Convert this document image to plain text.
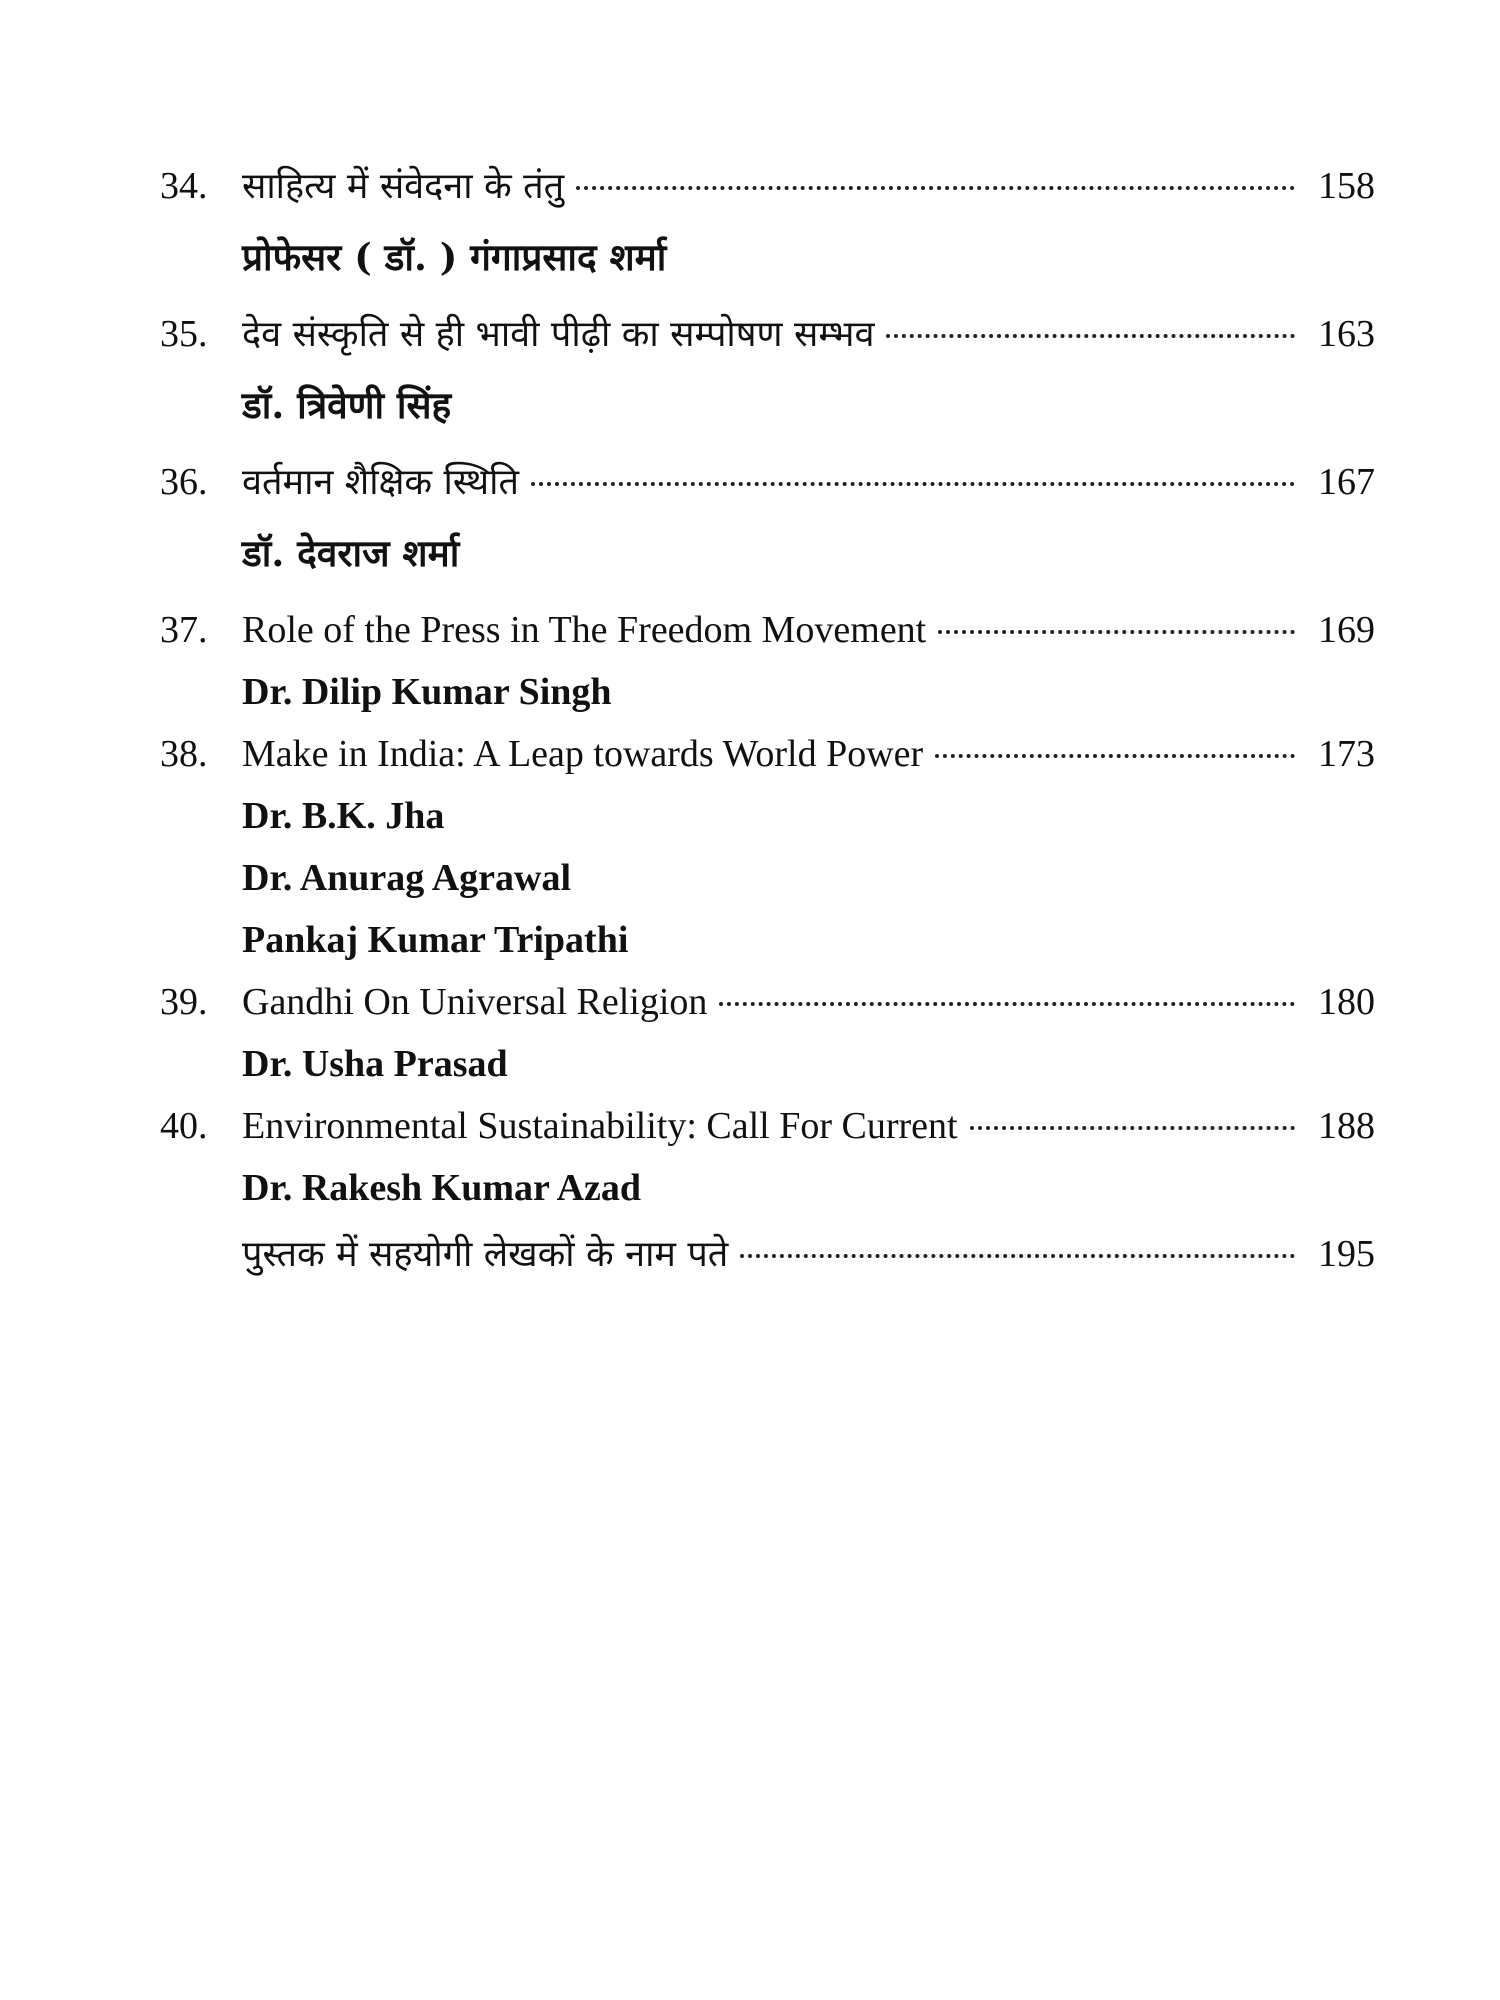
34. साहित्य में संवेदना के तंतु	158
प्रोफेसर ( डॉ. ) गंगाप्रसाद शर्मा
35. देव संस्कृति से ही भावी पीढ़ी का सम्पोषण सम्भव	163
डॉ. त्रिवेणी सिंह
36. वर्तमान शैक्षिक स्थिति	167
डॉ. देवराज शर्मा
37. Role of the Press in The Freedom Movement	169
Dr. Dilip Kumar Singh
38. Make in India: A Leap towards World Power	173
Dr. B.K. Jha
Dr. Anurag Agrawal
Pankaj Kumar Tripathi
39. Gandhi On Universal Religion	180
Dr. Usha Prasad
40. Environmental Sustainability: Call For Current	188
Dr. Rakesh Kumar Azad
पुस्तक में सहयोगी लेखकों के नाम पते	195
